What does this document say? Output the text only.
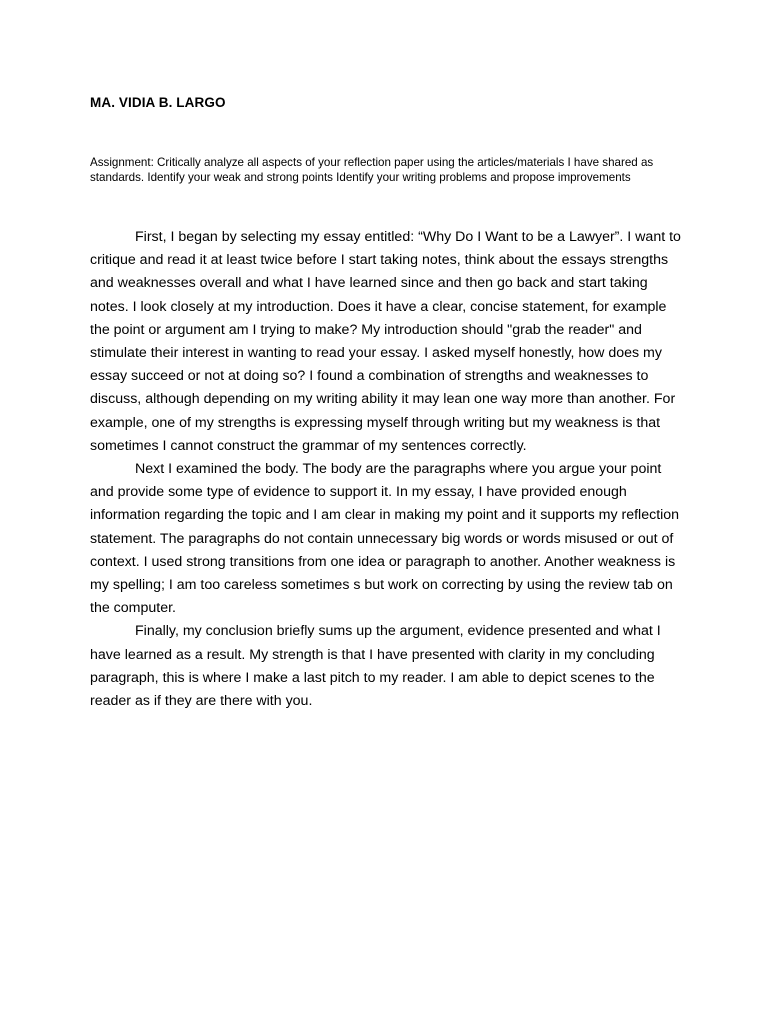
MA. VIDIA B. LARGO

Assignment: Critically analyze all aspects of your reflection paper using the articles/materials I have shared as standards. Identify your weak and strong points Identify your writing problems and propose improvements

First, I began by selecting my essay entitled: “Why Do I Want to be a Lawyer”. I want to critique and read it at least twice before I start taking notes, think about the essays strengths and weaknesses overall and what I have learned since and then go back and start taking notes. I look closely at my introduction. Does it have a clear, concise statement, for example the point or argument am I trying to make? My introduction should "grab the reader" and stimulate their interest in wanting to read your essay. I asked myself honestly, how does my essay succeed or not at doing so? I found a combination of strengths and weaknesses to discuss, although depending on my writing ability it may lean one way more than another. For example, one of my strengths is expressing myself through writing but my weakness is that sometimes I cannot construct the grammar of my sentences correctly.

Next I examined the body. The body are the paragraphs where you argue your point and provide some type of evidence to support it. In my essay, I have provided enough information regarding the topic and I am clear in making my point and it supports my reflection statement. The paragraphs do not contain unnecessary big words or words misused or out of context. I used strong transitions from one idea or paragraph to another. Another weakness is my spelling; I am too careless sometimes s but work on correcting by using the review tab on the computer.

Finally, my conclusion briefly sums up the argument, evidence presented and what I have learned as a result. My strength is that I have presented with clarity in my concluding paragraph, this is where I make a last pitch to my reader. I am able to depict scenes to the reader as if they are there with you.
